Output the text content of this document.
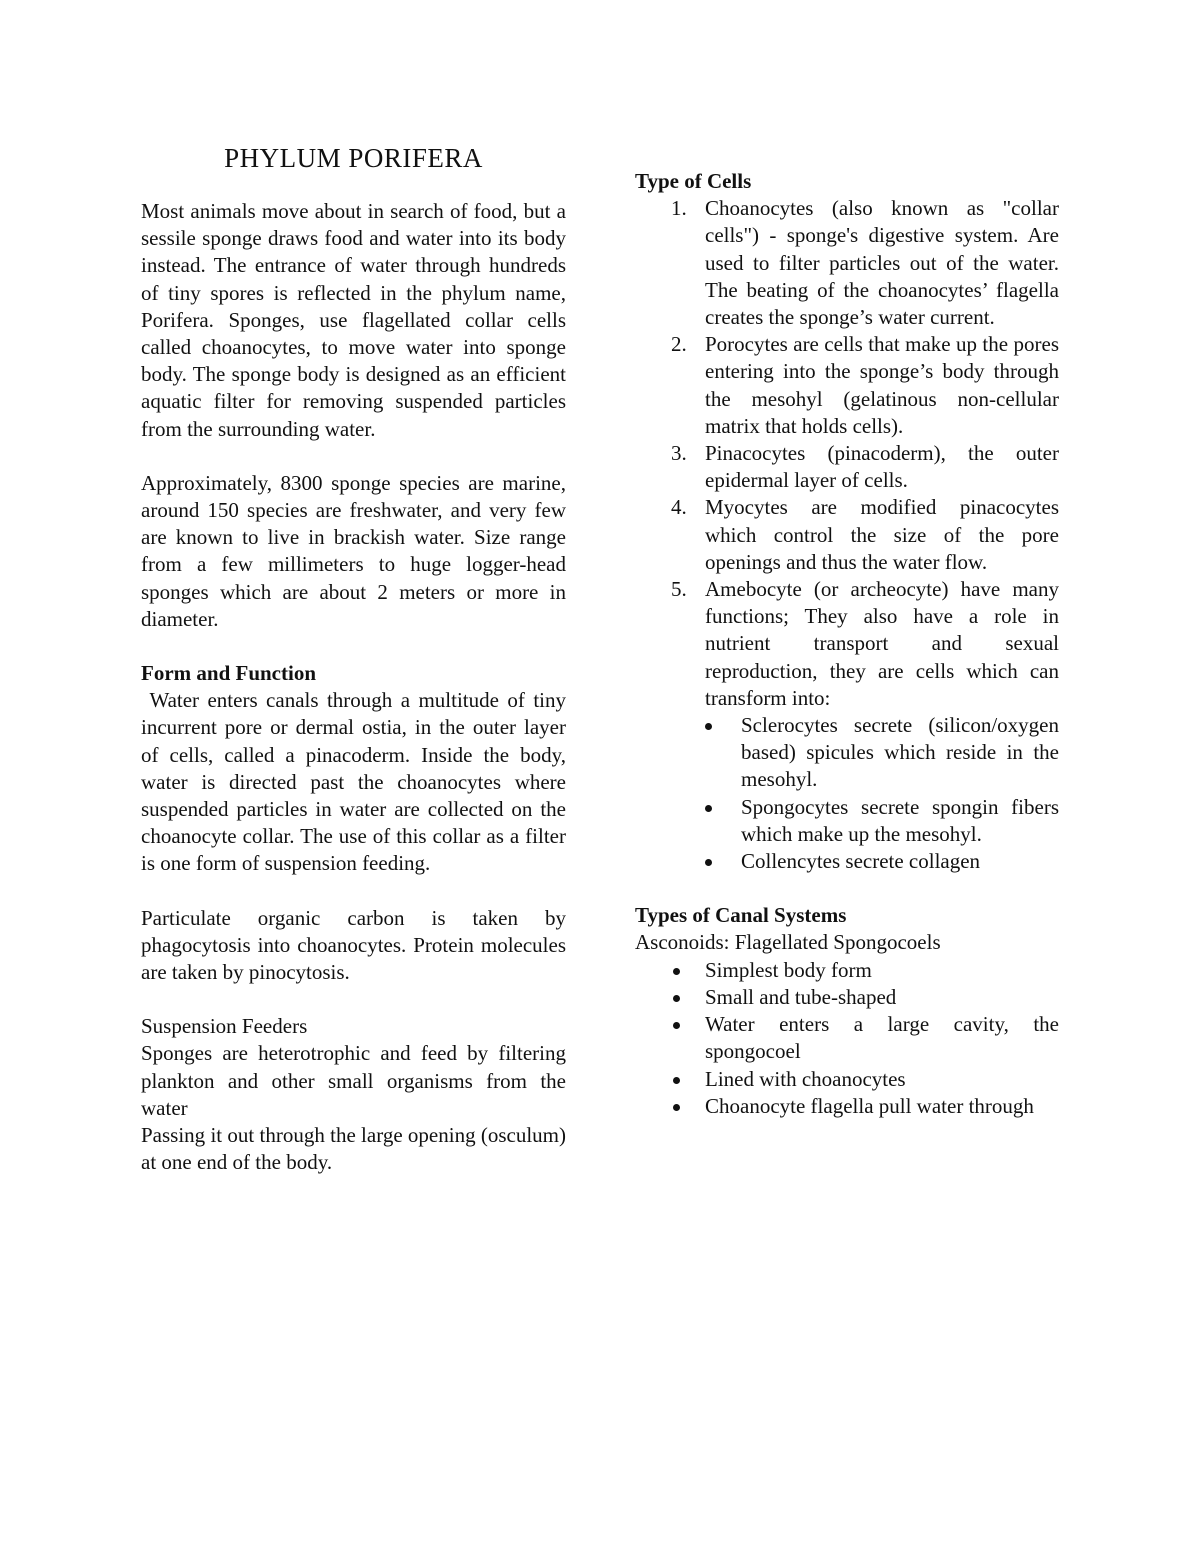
PHYLUM PORIFERA

Most animals move about in search of food, but a sessile sponge draws food and water into its body instead. The entrance of water through hundreds of tiny spores is reflected in the phylum name, Porifera. Sponges, use flagellated collar cells called choanocytes, to move water into sponge body. The sponge body is designed as an efficient aquatic filter for removing suspended particles from the surrounding water.

Approximately, 8300 sponge species are marine, around 150 species are freshwater, and very few are known to live in brackish water. Size range from a few millimeters to huge logger-head sponges which are about 2 meters or more in diameter.

Form and Function

Water enters canals through a multitude of tiny incurrent pore or dermal ostia, in the outer layer of cells, called a pinacoderm. Inside the body, water is directed past the choanocytes where suspended particles in water are collected on the choanocyte collar. The use of this collar as a filter is one form of suspension feeding.

Particulate organic carbon is taken by phagocytosis into choanocytes. Protein molecules are taken by pinocytosis.

Suspension Feeders

Sponges are heterotrophic and feed by filtering plankton and other small organisms from the water

Passing it out through the large opening (osculum) at one end of the body.

Type of Cells
1. Choanocytes (also known as "collar cells") - sponge's digestive system. Are used to filter particles out of the water. The beating of the choanocytes’ flagella creates the sponge’s water current.
2. Porocytes are cells that make up the pores entering into the sponge’s body through the mesohyl (gelatinous non-cellular matrix that holds cells).
3. Pinacocytes (pinacoderm), the outer epidermal layer of cells.
4. Myocytes are modified pinacocytes which control the size of the pore openings and thus the water flow.
5. Amebocyte (or archeocyte) have many functions; They also have a role in nutrient transport and sexual reproduction, they are cells which can transform into:
Sclerocytes secrete (silicon/oxygen based) spicules which reside in the mesohyl.
Spongocytes secrete spongin fibers which make up the mesohyl.
Collencytes secrete collagen
Types of Canal Systems
Asconoids: Flagellated Spongocoels
Simplest body form
Small and tube-shaped
Water enters a large cavity, the spongocoel
Lined with choanocytes
Choanocyte flagella pull water through
